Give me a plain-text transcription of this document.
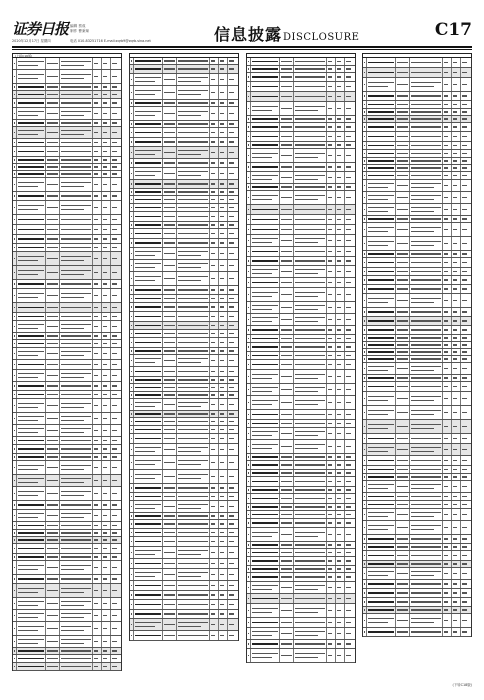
证券日报
2020年12月17日 星期四
编辑 蔡成
制作 曹秉琛
电话 010-83251716 E-mail:zqrb9@zqrb.sina.net	信息披露DISCLOSURE	C17
(上接C16版)
(下转C18版)
